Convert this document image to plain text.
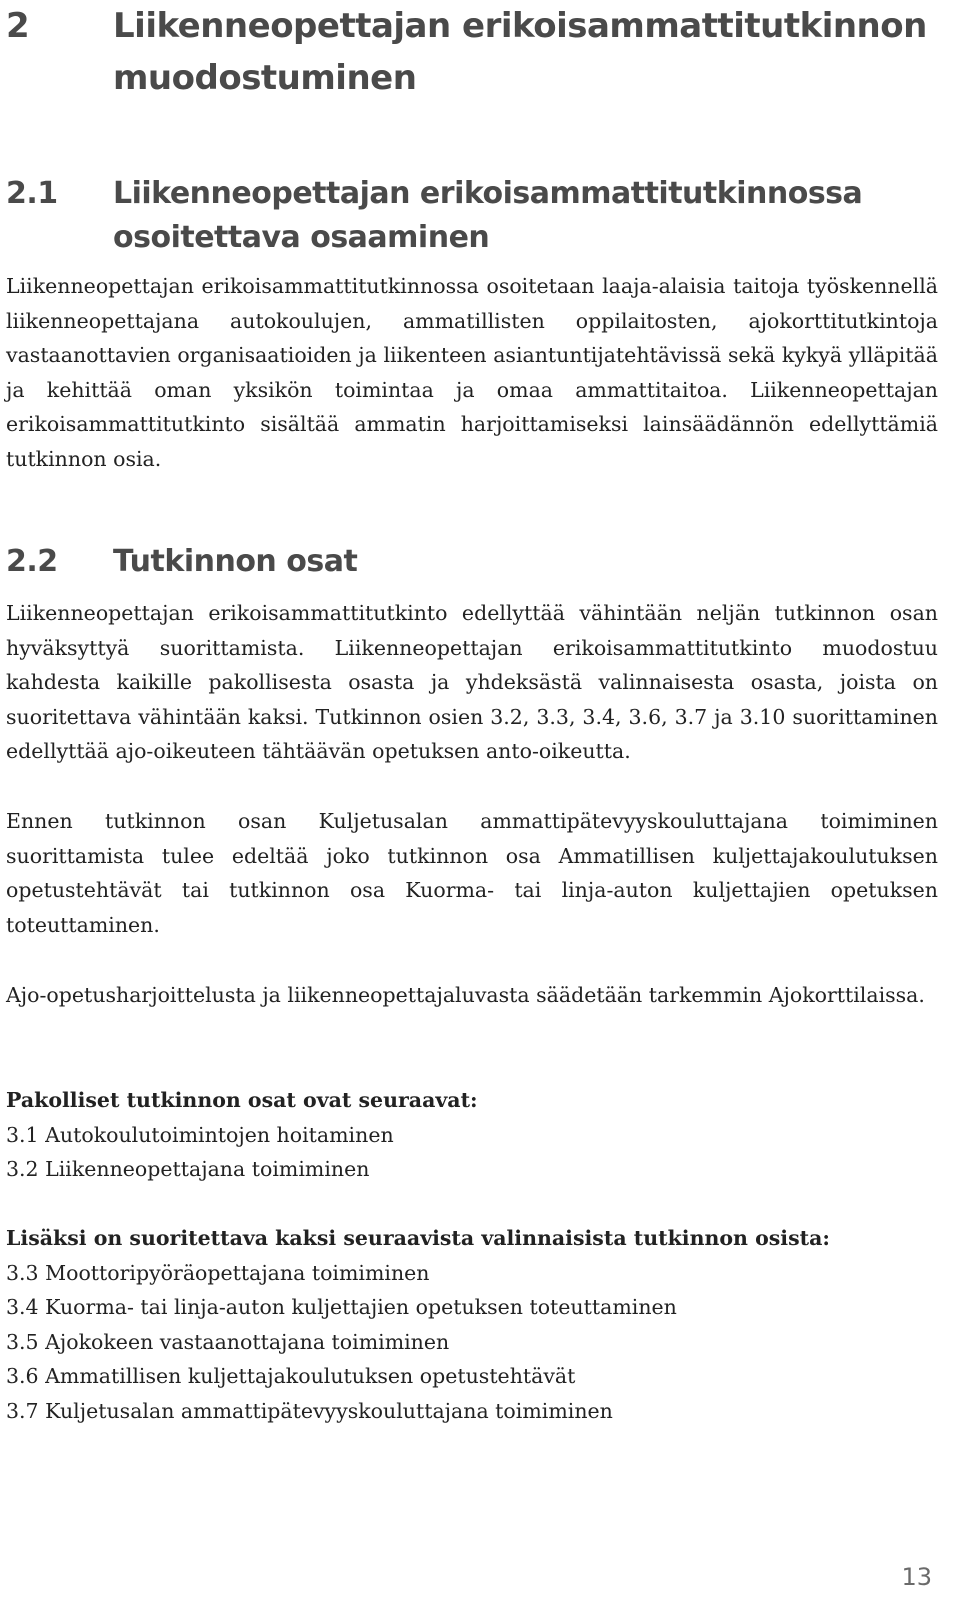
2 Liikenneopettajan erikoisammattitutkinnon muodostuminen
2.1 Liikenneopettajan erikoisammattitutkinnossa osoitettava osaaminen

Liikenneopettajan erikoisammattitutkinnossa osoitetaan laaja-alaisia taitoja työskennellä liikenneopettajana autokoulujen, ammatillisten oppilaitosten, ajokorttitutkintoja vastaanottavien organisaatioiden ja liikenteen asiantuntijatehtävissä sekä kykyä ylläpitää ja kehittää oman yksikön toimintaa ja omaa ammattitaitoa. Liikenneopettajan erikoisammattitutkinto sisältää ammatin harjoittamiseksi lainsäädännön edellyttämiä tutkinnon osia.

2.2 Tutkinnon osat

Liikenneopettajan erikoisammattitutkinto edellyttää vähintään neljän tutkinnon osan hyväksyttyä suorittamista. Liikenneopettajan erikoisammattitutkinto muodostuu kahdesta kaikille pakollisesta osasta ja yhdeksästä valinnaisesta osasta, joista on suoritettava vähintään kaksi. Tutkinnon osien 3.2, 3.3, 3.4, 3.6, 3.7 ja 3.10 suorittaminen edellyttää ajo-oikeuteen tähtäävän opetuksen anto-oikeutta.

Ennen tutkinnon osan Kuljetusalan ammattipätevyyskouluttajana toimiminen suorittamista tulee edeltää joko tutkinnon osa Ammatillisen kuljettajakoulutuksen opetustehtävät tai tutkinnon osa Kuorma- tai linja-auton kuljettajien opetuksen toteuttaminen.

Ajo-opetusharjoittelusta ja liikenneopettajaluvasta säädetään tarkemmin Ajokorttilaissa.

Pakolliset tutkinnon osat ovat seuraavat:
3.1 Autokoulutoimintojen hoitaminen
3.2 Liikenneopettajana toimiminen
Lisäksi on suoritettava kaksi seuraavista valinnaisista tutkinnon osista:
3.3 Moottoripyöräopettajana toimiminen
3.4 Kuorma- tai linja-auton kuljettajien opetuksen toteuttaminen
3.5 Ajokokeen vastaanottajana toimiminen
3.6 Ammatillisen kuljettajakoulutuksen opetustehtävät
3.7 Kuljetusalan ammattipätevyyskouluttajana toimiminen
13
